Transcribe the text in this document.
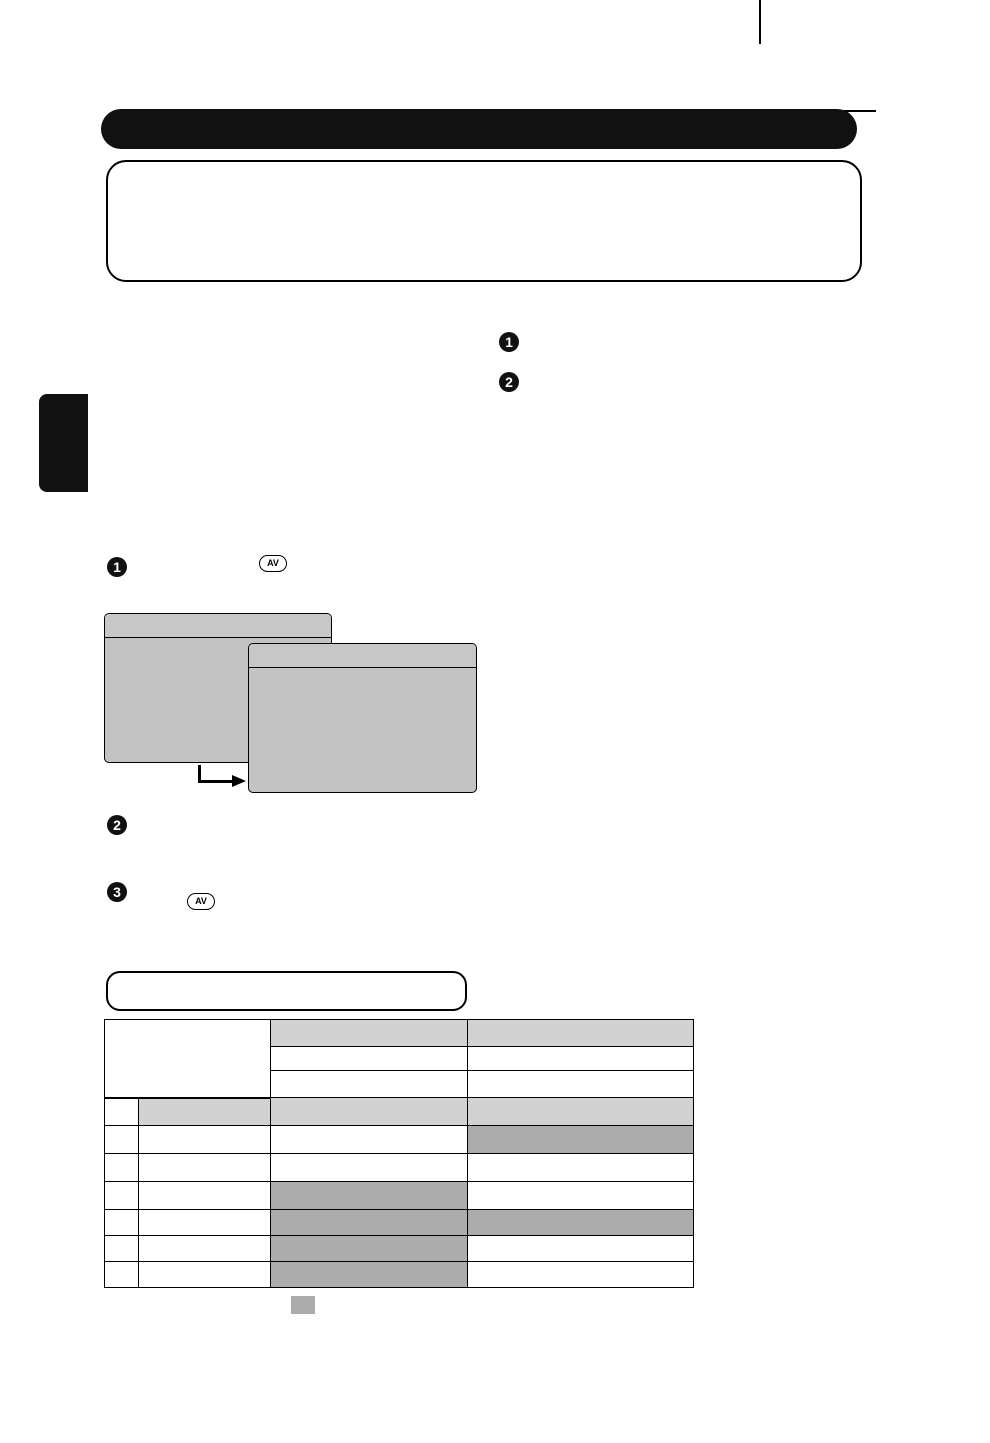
1
2
1	AV
2
3
AV
